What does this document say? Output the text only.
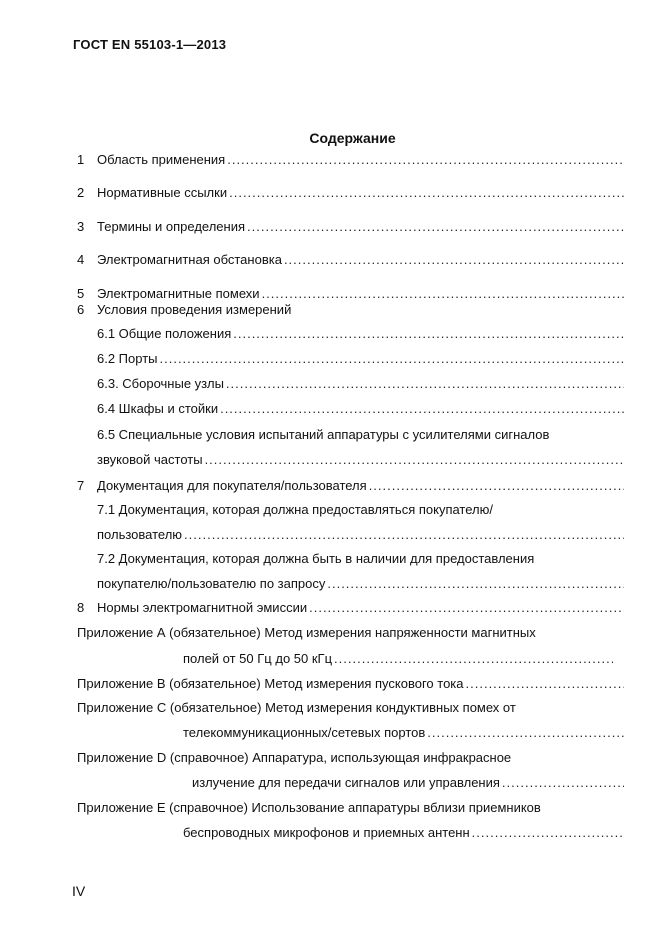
ГОСТ EN 55103-1—2013
Содержание
1 Область применения
.....
2 Нормативные ссылки
.....
3 Термины и определения
.....
4 Электромагнитная обстановка
.....
5 Электромагнитные помехи
.....
6 Условия проведения измерений
6.1 Общие положения
.....
6.2 Порты
.....
6.3. Сборочные узлы
.....
6.4 Шкафы и стойки
.....
6.5 Специальные условия испытаний аппаратуры с усилителями сигналов
звуковой частоты
.....
7 Документация для покупателя/пользователя
.....
7.1 Документация, которая должна предоставляться покупателю/
пользователю
.....
7.2 Документация, которая должна быть в наличии для предоставления
покупателю/пользователю по запросу
.....
8 Нормы электромагнитной эмиссии
.....
Приложение А (обязательное) Метод измерения напряженности магнитных
полей от 50 Гц до 50 кГц
.....
Приложение В (обязательное) Метод измерения пускового тока
.....
Приложение С (обязательное) Метод измерения кондуктивных помех от
телекоммуникационных/сетевых портов
.....
Приложение D (справочное) Аппаратура, использующая инфракрасное
излучение для передачи сигналов или управления
.....
Приложение Е (справочное) Использование аппаратуры вблизи приемников
беспроводных микрофонов и приемных антенн
.....
IV
